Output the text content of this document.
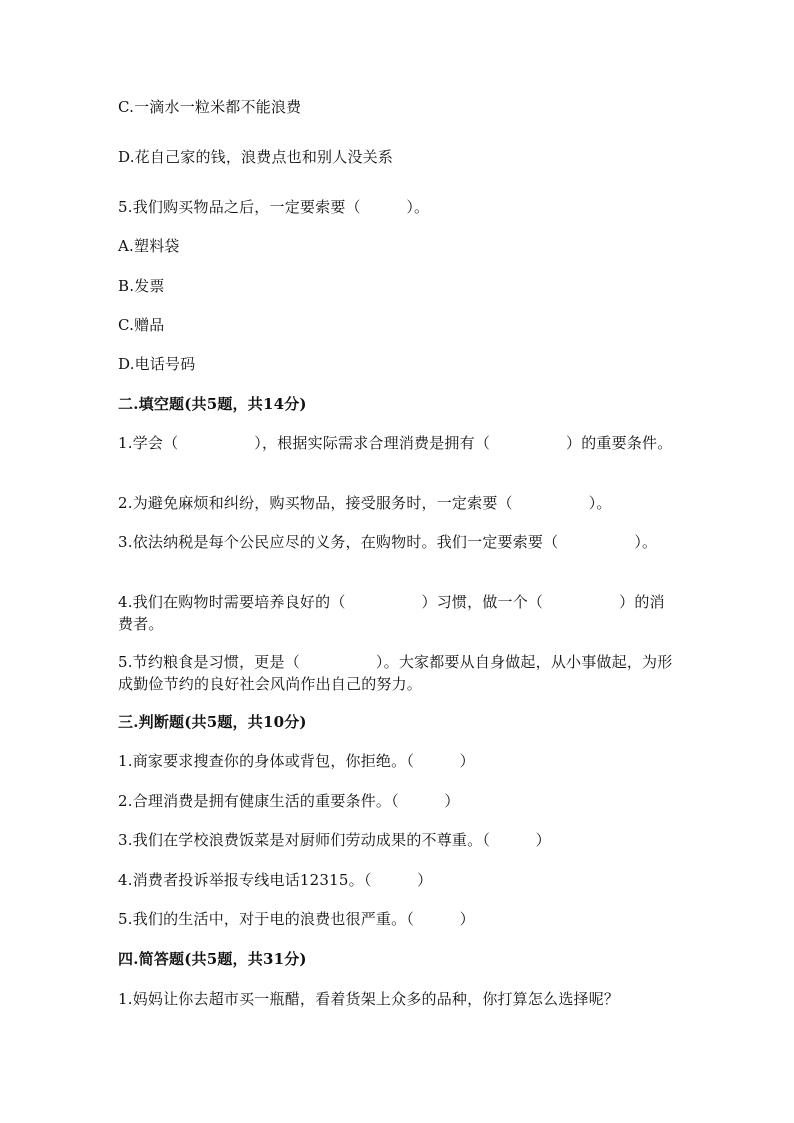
C.一滴水一粒米都不能浪费
D.花自己家的钱，浪费点也和别人没关系
5.我们购买物品之后，一定要索要（　　　）。
A.塑料袋
B.发票
C.赠品
D.电话号码
二.填空题(共5题，共14分)
1.学会（　　　　　），根据实际需求合理消费是拥有（　　　　　）的重要条件。
2.为避免麻烦和纠纷，购买物品，接受服务时，一定索要（　　　　　）。
3.依法纳税是每个公民应尽的义务，在购物时。我们一定要索要（　　　　　）。
4.我们在购物时需要培养良好的（　　　　　）习惯，做一个（　　　　　）的消费者。
5.节约粮食是习惯，更是（　　　　　）。大家都要从自身做起，从小事做起，为形成勤俭节约的良好社会风尚作出自己的努力。
三.判断题(共5题，共10分)
1.商家要求搜查你的身体或背包，你拒绝。（　　　）
2.合理消费是拥有健康生活的重要条件。（　　　）
3.我们在学校浪费饭菜是对厨师们劳动成果的不尊重。（　　　）
4.消费者投诉举报专线电话12315。（　　　）
5.我们的生活中，对于电的浪费也很严重。（　　　）
四.简答题(共5题，共31分)
1.妈妈让你去超市买一瓶醋，看着货架上众多的品种，你打算怎么选择呢？
